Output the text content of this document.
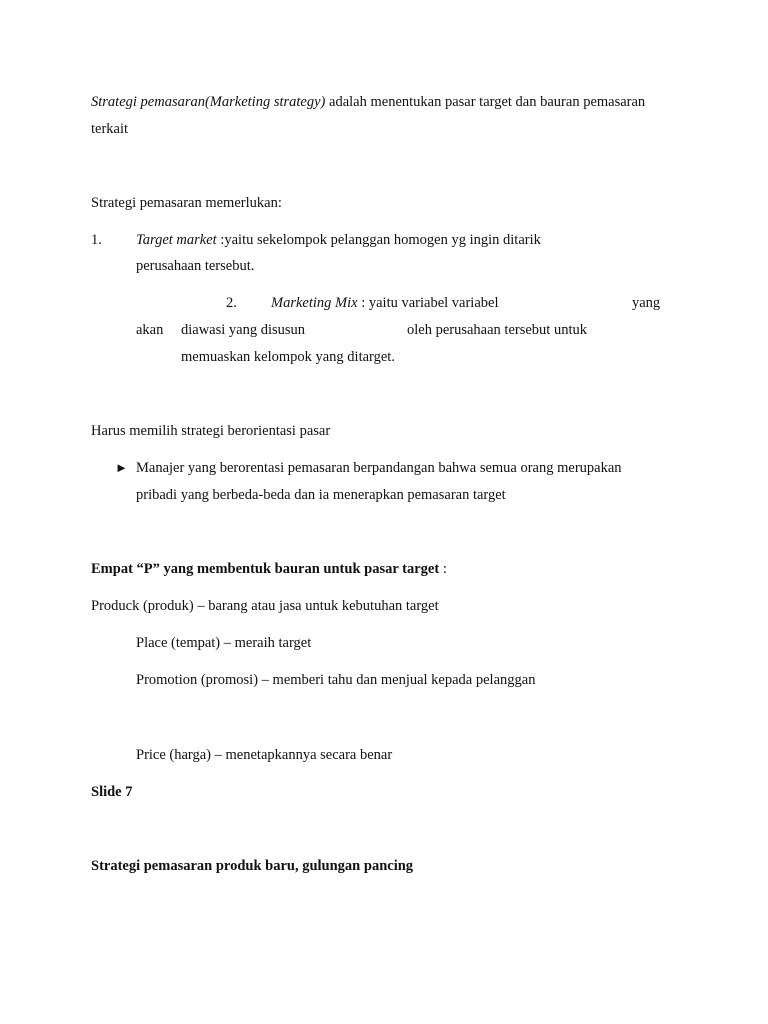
Strategi pemasaran(Marketing strategy) adalah menentukan pasar target dan bauran pemasaran
terkait
Strategi pemasaran memerlukan:
1. Target market :yaitu sekelompok pelanggan homogen yg ingin ditarik
perusahaan tersebut.
2. Marketing Mix : yaitu variabel variabel	yang
akan diawasi yang disusun	oleh perusahaan tersebut untuk
memuaskan kelompok yang ditarget.
Harus memilih strategi berorientasi pasar
► Manajer yang berorentasi pemasaran berpandangan bahwa semua orang merupakan
pribadi yang berbeda-beda dan ia menerapkan pemasaran target
Empat “P” yang membentuk bauran untuk pasar target :
Produck (produk) – barang atau jasa untuk kebutuhan target
Place (tempat) – meraih target
Promotion (promosi) – memberi tahu dan menjual kepada pelanggan
Price (harga) – menetapkannya secara benar
Slide 7
Strategi pemasaran produk baru, gulungan pancing
